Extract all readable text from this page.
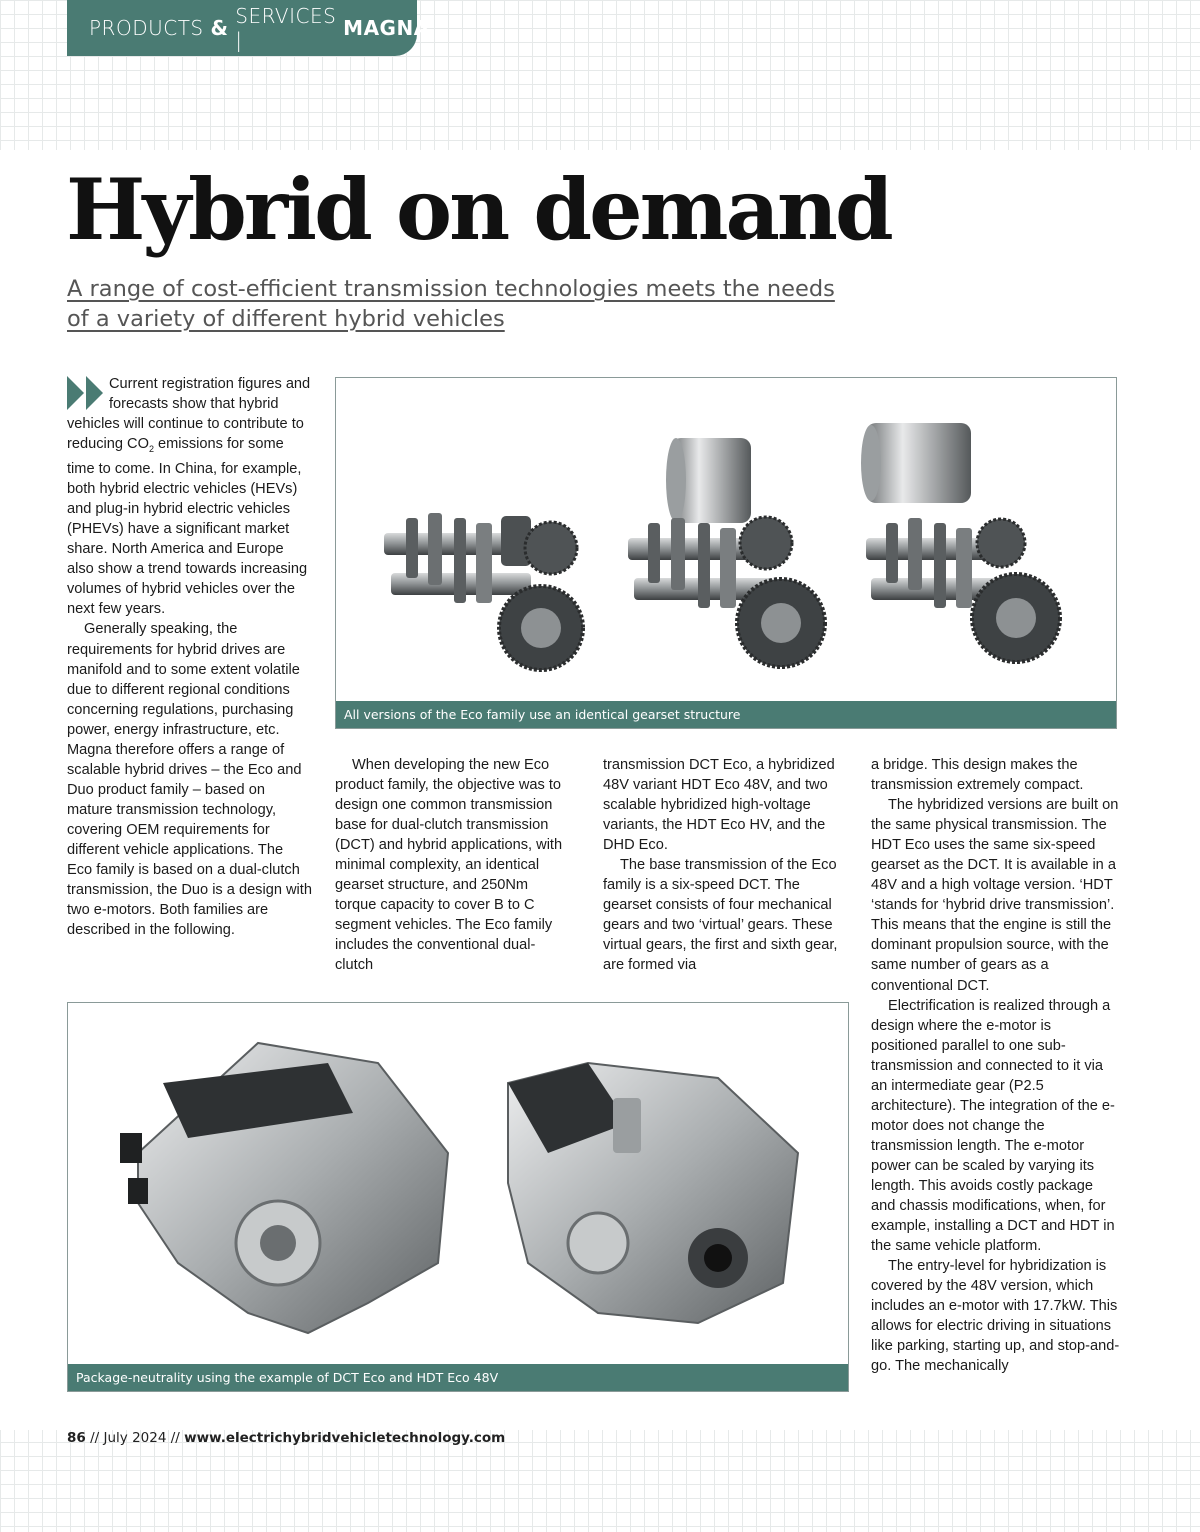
PRODUCTS
&
SERVICES |
	MAGNA
Hybrid on demand
A range of cost-efficient transmission technologies meets the needs of a variety of different hybrid vehicles

Current registration figures and forecasts show that hybrid vehicles will continue to contribute to reducing $CO_2$ emissions for some time to come. In China, for example, both hybrid electric vehicles (HEVs) and plug-in hybrid electric vehicles (PHEVs) have a significant market share. North America and Europe also show a trend towards increasing volumes of hybrid vehicles over the next few years.

Generally speaking, the requirements for hybrid drives are manifold and to some extent volatile due to different regional conditions concerning regulations, purchasing power, energy infrastructure, etc. Magna therefore offers a range of scalable hybrid drives – the Eco and Duo product family – based on mature transmission technology, covering OEM requirements for different vehicle applications. The Eco family is based on a dual-clutch transmission, the Duo is a design with two e-motors. Both families are described in the following.

All versions of the Eco family use an identical gearset structure

When developing the new Eco product family, the objective was to design one common transmission base for dual-clutch transmission (DCT) and hybrid applications, with minimal complexity, an identical gearset structure, and 250Nm torque capacity to cover B to C segment vehicles. The Eco family includes the conventional dual-clutch

transmission DCT Eco, a hybridized 48V variant HDT Eco 48V, and two scalable hybridized high-voltage variants, the HDT Eco HV, and the DHD Eco.

The base transmission of the Eco family is a six-speed DCT. The gearset consists of four mechanical gears and two ‘virtual’ gears. These virtual gears, the first and sixth gear, are formed via

a bridge. This design makes the transmission extremely compact.

The hybridized versions are built on the same physical transmission. The HDT Eco uses the same six-speed gearset as the DCT. It is available in a 48V and a high voltage version. ‘HDT ‘stands for ‘hybrid drive transmission’. This means that the engine is still the dominant propulsion source, with the same number of gears as a conventional DCT.

Electrification is realized through a design where the e-motor is positioned parallel to one sub-transmission and connected to it via an intermediate gear (P2.5 architecture). The integration of the e-motor does not change the transmission length. The e-motor power can be scaled by varying its length. This avoids costly package and chassis modifications, when, for example, installing a DCT and HDT in the same vehicle platform.

The entry-level for hybridization is covered by the 48V version, which includes an e-motor with 17.7kW. This allows for electric driving in situations like parking, starting up, and stop-and-go. The mechanically

Package-neutrality using the example of DCT Eco and HDT Eco 48V
86 // July 2024 // www.electrichybridvehicletechnology.com
